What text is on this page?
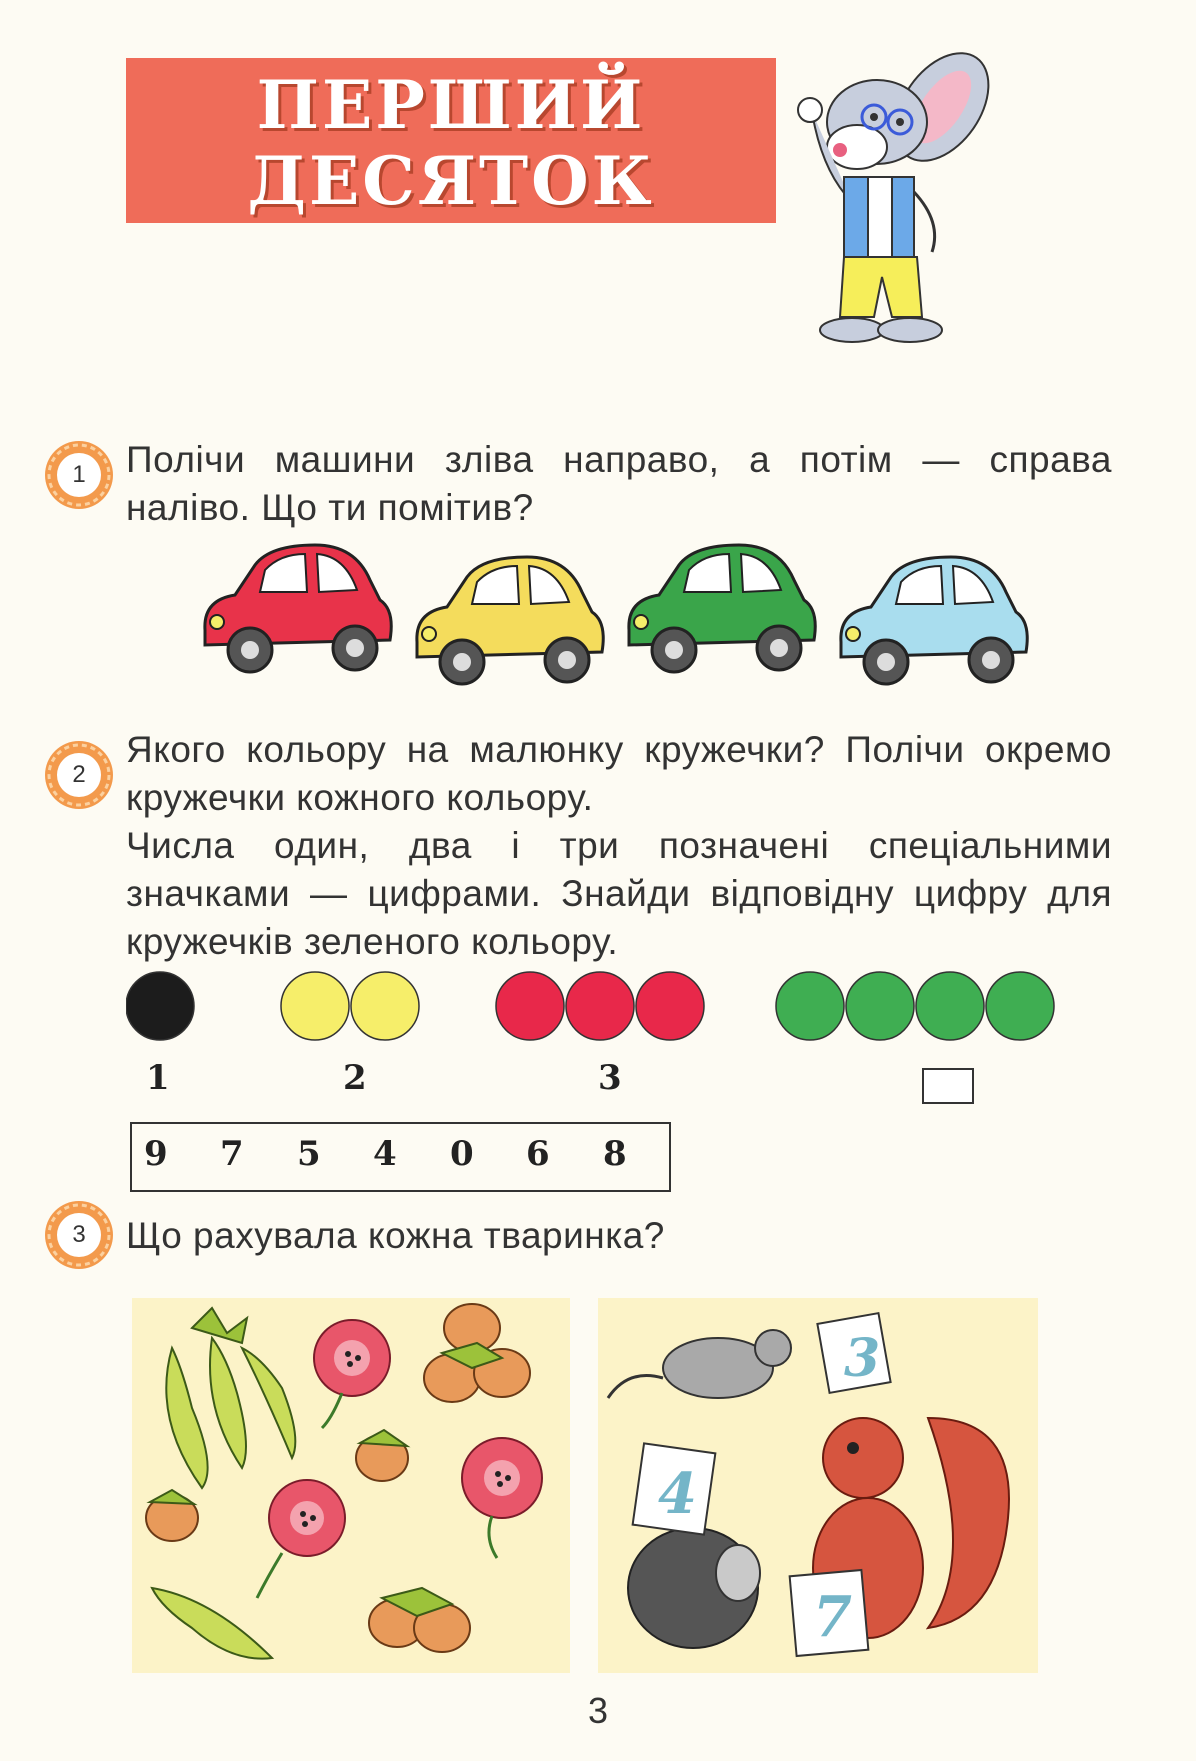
ПЕРШИЙ
ДЕСЯТОК
1	Полічи машини зліва направо, а потім — справа наліво. Що ти помітив?
2
Якого кольору на малюнку кружечки? Полічи окремо кружечки кожного кольору.
Числа один, два і три позначені спеціальними значками — цифрами. Знайди відповідну цифру для кружечків зеленого кольору.
1	2	3
9 7 5 4 0 6 8
3	Що рахувала кожна тваринка?
3
4
7
3
